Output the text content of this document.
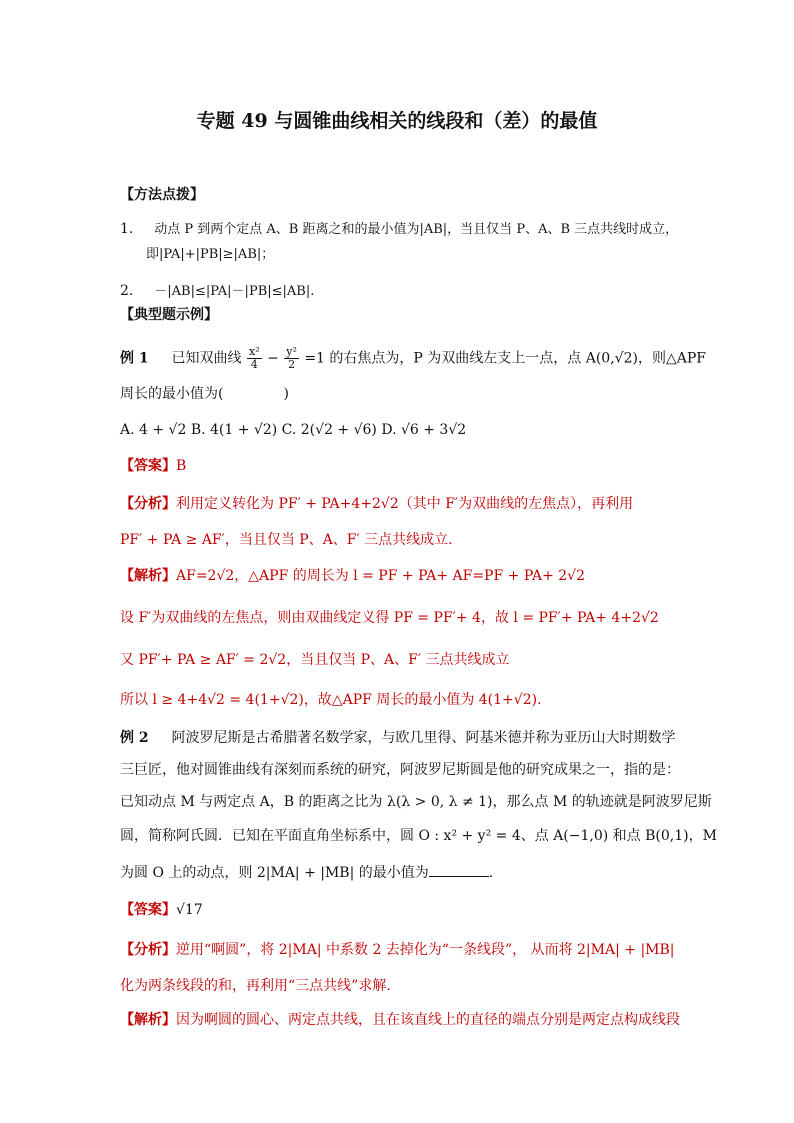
专题 49 与圆锥曲线相关的线段和（差）的最值
【方法点拨】
1. 动点 P 到两个定点 A、B 距离之和的最小值为|AB|，当且仅当 P、A、B 三点共线时成立，
即|PA|+|PB|≥|AB|；
2. －|AB|≤|PA|－|PB|≤|AB|.
【典型题示例】
例 1 已知双曲线 $\frac{\text{x²}}{4} - \frac{\text{y²}}{2} =1$ 的右焦点为，P 为双曲线左支上一点，点 A(0,√2)，则△APF
周长的最小值为(	)
A. 4 + √2 B. 4(1 + √2) C. 2(√2 + √6) D. √6 + 3√2
【答案】B
【分析】利用定义转化为 PF′ + PA+4+2√2（其中 F′为双曲线的左焦点），再利用
PF′ + PA ≥ AF′，当且仅当 P、A、F′ 三点共线成立.
【解析】AF=2√2，△APF 的周长为 l = PF + PA+ AF=PF + PA+ 2√2
设 F′为双曲线的左焦点，则由双曲线定义得 PF = PF′+ 4，故 l = PF′+ PA+ 4+2√2
又 PF′+ PA ≥ AF′ = 2√2，当且仅当 P、A、F′ 三点共线成立
所以 l ≥ 4+4√2 = 4(1+√2)，故△APF 周长的最小值为 4(1+√2).
例 2 阿波罗尼斯是古希腊著名数学家，与欧几里得、阿基米德并称为亚历山大时期数学
三巨匠，他对圆锥曲线有深刻而系统的研究，阿波罗尼斯圆是他的研究成果之一，指的是：
已知动点 M 与两定点 A，B 的距离之比为 λ(λ > 0, λ ≠ 1)，那么点 M 的轨迹就是阿波罗尼斯
圆，简称阿氏圆．已知在平面直角坐标系中，圆 O : x² + y² = 4、点 A(−1,0) 和点 B(0,1)，M
为圆 O 上的动点，则 2|MA| + |MB| 的最小值为	.
【答案】√17
【分析】逆用“啊圆”，将 2|MA| 中系数 2 去掉化为“一条线段”， 从而将 2|MA| + |MB|
化为两条线段的和，再利用“三点共线”求解.
【解析】因为啊圆的圆心、两定点共线，且在该直线上的直径的端点分别是两定点构成线段
